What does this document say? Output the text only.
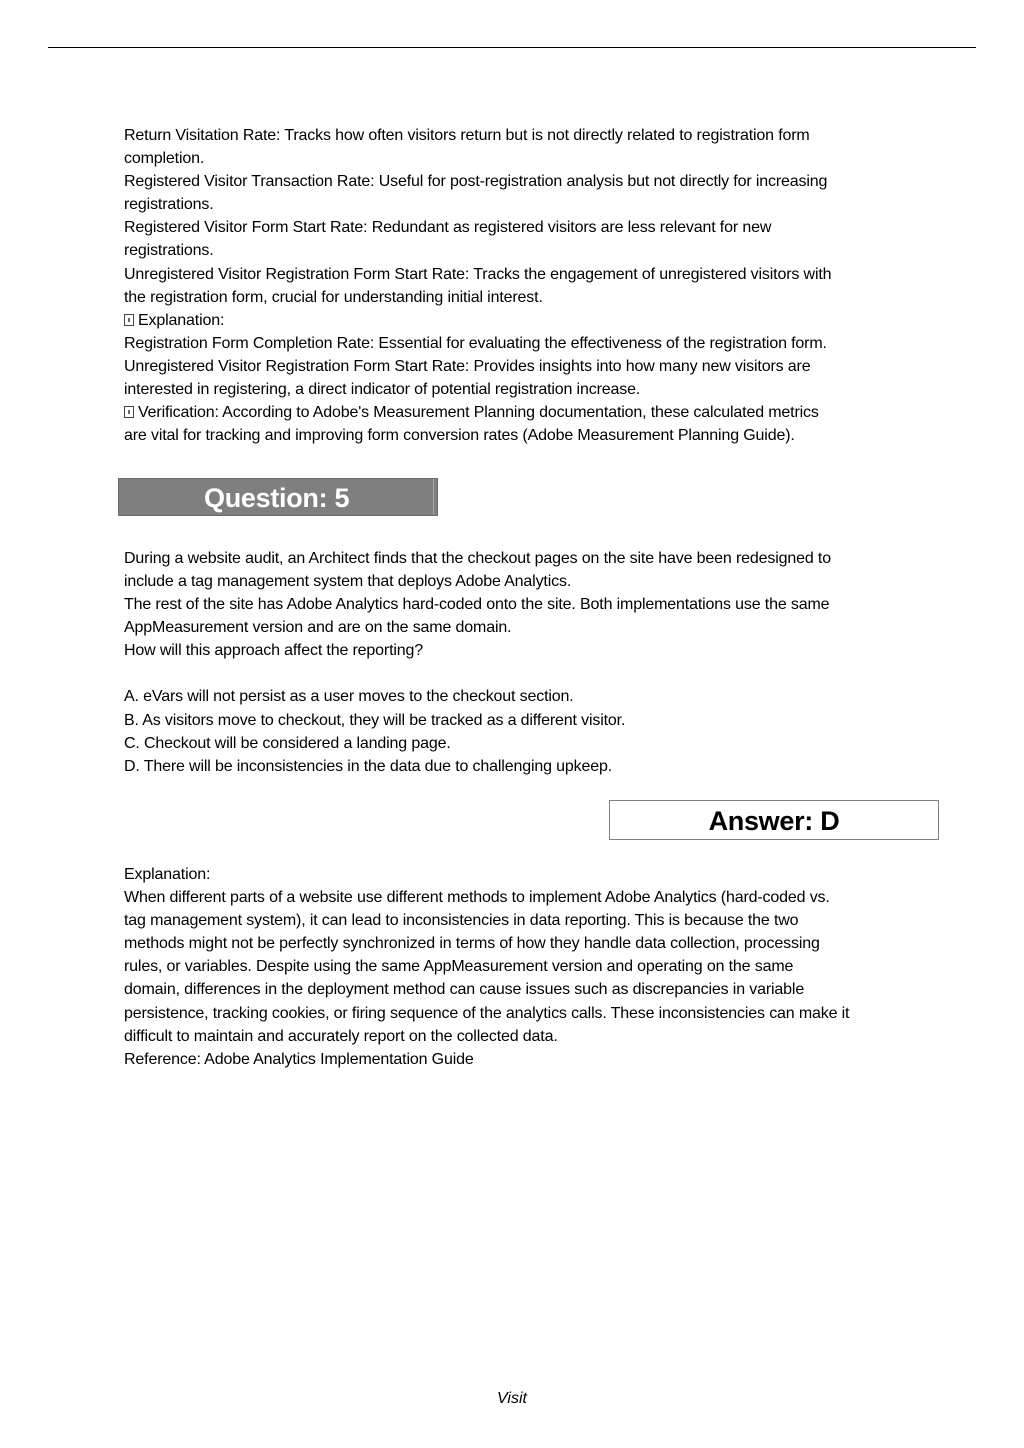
Return Visitation Rate: Tracks how often visitors return but is not directly related to registration form

completion.

Registered Visitor Transaction Rate: Useful for post-registration analysis but not directly for increasing

registrations.

Registered Visitor Form Start Rate: Redundant as registered visitors are less relevant for new

registrations.

Unregistered Visitor Registration Form Start Rate: Tracks the engagement of unregistered visitors with

the registration form, crucial for understanding initial interest.

Explanation:

Registration Form Completion Rate: Essential for evaluating the effectiveness of the registration form.

Unregistered Visitor Registration Form Start Rate: Provides insights into how many new visitors are

interested in registering, a direct indicator of potential registration increase.

Verification: According to Adobe's Measurement Planning documentation, these calculated metrics

are vital for tracking and improving form conversion rates (Adobe Measurement Planning Guide).

Question: 5

During a website audit, an Architect finds that the checkout pages on the site have been redesigned to

include a tag management system that deploys Adobe Analytics.

The rest of the site has Adobe Analytics hard-coded onto the site. Both implementations use the same

AppMeasurement version and are on the same domain.

How will this approach affect the reporting?

A. eVars will not persist as a user moves to the checkout section.

B. As visitors move to checkout, they will be tracked as a different visitor.

C. Checkout will be considered a landing page.

D. There will be inconsistencies in the data due to challenging upkeep.

Answer: D

Explanation:

When different parts of a website use different methods to implement Adobe Analytics (hard-coded vs.

tag management system), it can lead to inconsistencies in data reporting. This is because the two

methods might not be perfectly synchronized in terms of how they handle data collection, processing

rules, or variables. Despite using the same AppMeasurement version and operating on the same

domain, differences in the deployment method can cause issues such as discrepancies in variable

persistence, tracking cookies, or firing sequence of the analytics calls. These inconsistencies can make it

difficult to maintain and accurately report on the collected data.

Reference: Adobe Analytics Implementation Guide

Visit
